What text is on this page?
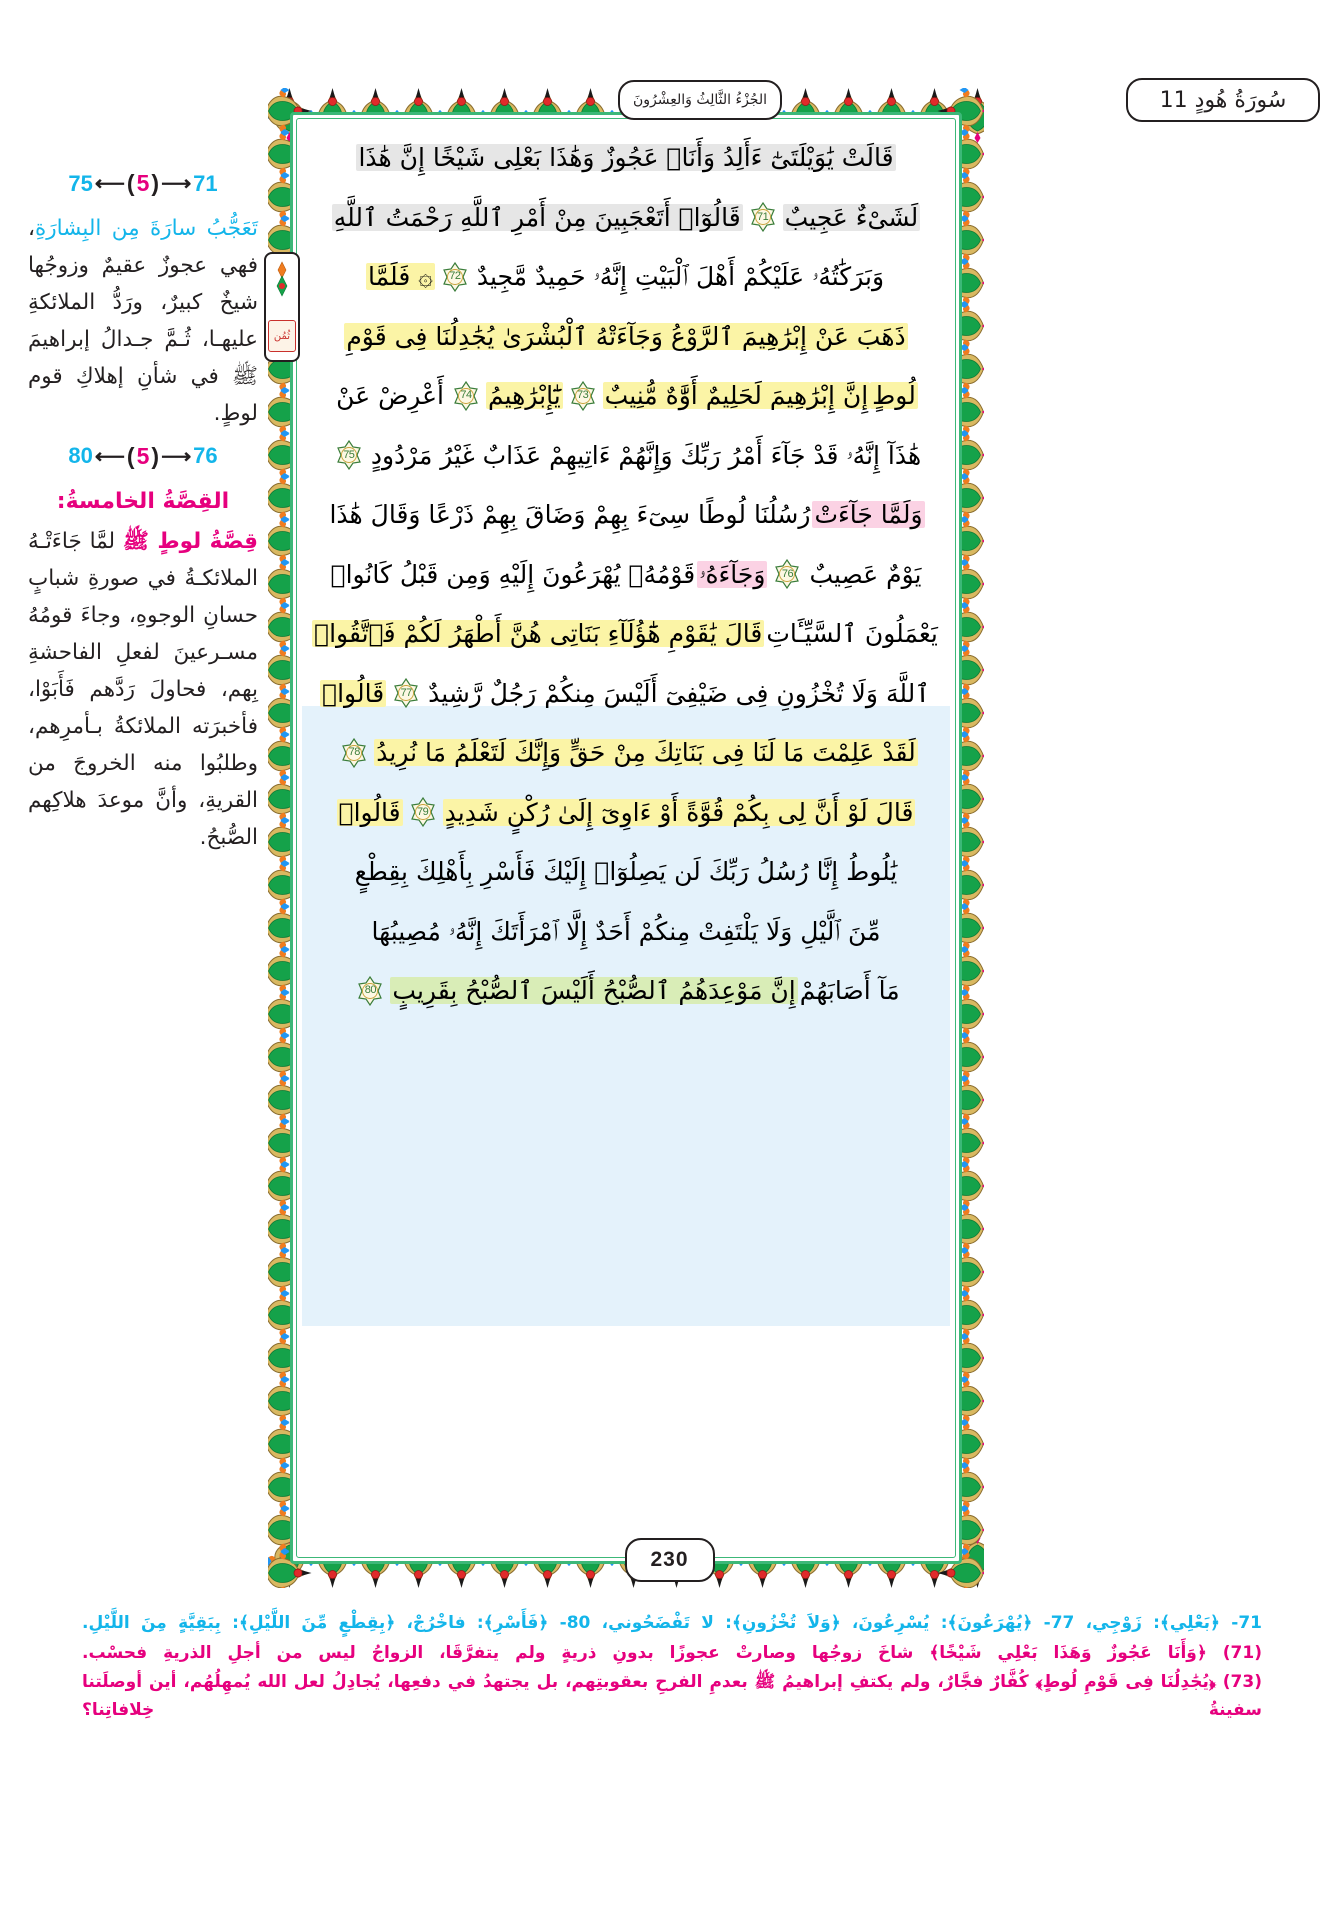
سُورَةُ هُودٍ 11
الجُزْءُ الثَّالِثُ وَالعِشْرُونَ
ثُمُن
230
قَالَتْ يَٰوَيْلَتَىٰٓ ءَأَلِدُ وَأَنَا۠ عَجُوزٌ وَهَٰذَا بَعْلِى شَيْخًا إِنَّ هَٰذَا
لَشَىْءٌ عَجِيبٌ
71
قَالُوٓا۟ أَتَعْجَبِينَ مِنْ أَمْرِ ٱللَّهِ رَحْمَتُ ٱللَّهِ
وَبَرَكَٰتُهُۥ عَلَيْكُمْ أَهْلَ ٱلْبَيْتِ إِنَّهُۥ حَمِيدٌ مَّجِيدٌ
72
۞ فَلَمَّا
ذَهَبَ عَنْ إِبْرَٰهِيمَ ٱلرَّوْعُ وَجَآءَتْهُ ٱلْبُشْرَىٰ يُجَٰدِلُنَا فِى قَوْمِ
لُوطٍ
إِنَّ إِبْرَٰهِيمَ لَحَلِيمٌ أَوَّٰهٌ مُّنِيبٌ
73
يَٰٓإِبْرَٰهِيمُ
74
أَعْرِضْ عَنْ
هَٰذَآ إِنَّهُۥ قَدْ جَآءَ أَمْرُ رَبِّكَ وَإِنَّهُمْ ءَاتِيهِمْ عَذَابٌ غَيْرُ مَرْدُودٍ
75
وَلَمَّا جَآءَتْ
رُسُلُنَا لُوطًا سِىٓءَ بِهِمْ وَضَاقَ بِهِمْ ذَرْعًا وَقَالَ هَٰذَا
يَوْمٌ عَصِيبٌ
76
وَجَآءَهُۥ
قَوْمُهُۥ يُهْرَعُونَ إِلَيْهِ وَمِن قَبْلُ كَانُوا۟
يَعْمَلُونَ ٱلسَّيِّـَٔاتِ
قَالَ يَٰقَوْمِ هَٰٓؤُلَآءِ بَنَاتِى هُنَّ أَطْهَرُ لَكُمْ فَٱتَّقُوا۟
ٱللَّهَ وَلَا تُخْزُونِ فِى ضَيْفِىٓ أَلَيْسَ مِنكُمْ رَجُلٌ رَّشِيدٌ
77
قَالُوا۟
لَقَدْ عَلِمْتَ مَا لَنَا فِى بَنَاتِكَ مِنْ حَقٍّ وَإِنَّكَ لَتَعْلَمُ مَا نُرِيدُ
78
قَالَ لَوْ أَنَّ لِى بِكُمْ قُوَّةً أَوْ ءَاوِىٓ إِلَىٰ رُكْنٍ شَدِيدٍ
79
قَالُوا۟
يَٰلُوطُ إِنَّا رُسُلُ رَبِّكَ لَن يَصِلُوٓا۟ إِلَيْكَ فَأَسْرِ بِأَهْلِكَ بِقِطْعٍ
مِّنَ ٱلَّيْلِ وَلَا يَلْتَفِتْ مِنكُمْ أَحَدٌ إِلَّا ٱمْرَأَتَكَ إِنَّهُۥ مُصِيبُهَا
مَآ أَصَابَهُمْ
إِنَّ مَوْعِدَهُمُ ٱلصُّبْحُ أَلَيْسَ ٱلصُّبْحُ بِقَرِيبٍ
80
75 ⟵ ( 5 ) ⟶ 71

تَعَجُّبُ سارَةَ مِن البِشارَةِ، فهي عجوزٌ عقيمٌ وزوجُها شيخٌ كبيرٌ، ورَدُّ الملائكةِ عليهـا، ثُـمَّ جـدالُ إبراهيمَ ﷺ في شأنِ إهلاكِ قوم لوطٍ.

80 ⟵ ( 5 ) ⟶ 76
القِصَّةُ الخامسةُ:

قِصَّةُ لوطٍ ﷺ لمَّا جَاءَتْـهُ الملائكـةُ في صورةِ شبابٍ حسانِ الوجوهِ، وجاءَ قومُهُ مسـرعينَ لفعلِ الفاحشةِ بِهم، فحاولَ رَدَّهم فَأَبَوْا، فأخبرَته الملائكةُ بـأمرِهم، وطلبُوا منه الخروجَ من القريةِ، وأنَّ موعدَ هلاكِهم الصُّبحُ.

71- ﴿بَعْلِي﴾: زَوْجِي، 77- ﴿يُهْرَعُونَ﴾: يُسْرِعُونَ، ﴿وَلاَ تُخْزُونِ﴾: لا تَفْضَحُوني، 80- ﴿فَأَسْرِ﴾: فاخْرُجْ، ﴿بِقِطْعٍ مِّنَ اللَّيْلِ﴾: بِبَقِيَّةٍ مِنَ اللَّيْلِ.

(71) ﴿وَأَنَا عَجُوزٌ وَهَذَا بَعْلِي شَيْخًا﴾ شاخَ زوجُها وصارتْ عجوزًا بدونِ ذريةٍ ولم يتفرَّقَا، الزواجُ ليس من أجلِ الذريةِ فحسْب.

(73) ﴿يُجَٰدِلُنَا فِى قَوْمِ لُوطٍ﴾ كُفَّارٌ فجَّارٌ، ولم يكتفِ إبراهيمُ ﷺ بعدمِ الفرحِ بعقوبتِهم، بل يجتهدُ في دفعِها، يُجادِلُ لعل الله يُمهِلُهُم، أين أوصلَتنا سفينةُ خِلافاتِنا؟
